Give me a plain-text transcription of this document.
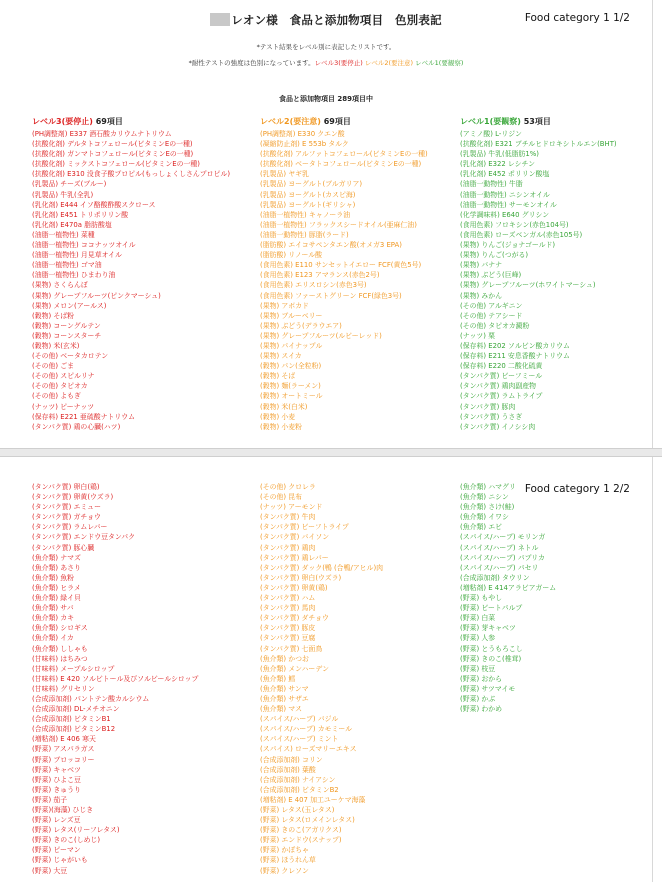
レオン様　食品と添加物項目　色別表記	Food category 1 1/2
*テスト結果をレベル別に表記したリストです。
*耐性テストの強度は色別になっています。レベル3(要停止) レベル2(要注意) レベル1(要観察)
食品と添加物項目 289項目中
レベル3(要停止) 69項目
(PH調整剤) E337 酒石酸カリウムナトリウム
(抗酸化剤) デルタトコフェロール(ビタミンEの一種)
(抗酸化剤) ガンマトコフェロール(ビタミンEの一種)
(抗酸化剤) ミックストコフェロール(ビタミンEの一種)
(抗酸化剤) E310 没食子酸プロピル(もっしょくしさんプロピル)
(乳製品) チーズ(ブルー)
(乳製品) 牛乳(全乳)
(乳化剤) E444 イソ酪酸酢酸スクロース
(乳化剤) E451 トリポリリン酸
(乳化剤) E470a 脂肪酸塩
(油脂一植物性) 菜種
(油脂一植物性) ココナッツオイル
(油脂一植物性) 月見草オイル
(油脂一植物性) ゴマ油
(油脂一植物性) ひまわり油
(果物) さくらんぼ
(果物) グレープフルーツ(ピンクマーシュ)
(果物) メロン(アールス)
(穀物) そば粉
(穀物) コーングルテン
(穀物) コーンスターチ
(穀物) 米(玄米)
(その他) ベータカロテン
(その他) ごま
(その他) スピルリナ
(その他) タピオカ
(その他) よもぎ
(ナッツ) ピーナッツ
(保存料) E221 亜硫酸ナトリウム
(タンパク質) 鶏の心臓(ハツ)
レベル2(要注意) 69項目
(PH調整剤) E330 クエン酸
(凝縮防止剤) E 553b タルク
(抗酸化剤) アルファトコフェロール(ビタミンEの一種)
(抗酸化剤) ベータトコフェロール(ビタミンEの一種)
(乳製品) ヤギ乳
(乳製品) ヨーグルト(ブルガリア)
(乳製品) ヨーグルト(カスピ海)
(乳製品) ヨーグルト(ギリシャ)
(油脂一植物性) キャノーラ油
(油脂一植物性) フラックスシードオイル(亜麻仁油)
(油脂一動物性) 豚脂(ラード)
(脂肪酸) エイコサペンタエン酸(オメガ3 EPA)
(脂肪酸) リノール酸
(食用色素) E110 サンセットイエロー FCF(黄色5号)
(食用色素) E123 アマランス(赤色2号)
(食用色素) エリスロシン(赤色3号)
(食用色素) ファーストグリーン FCF(緑色3号)
(果物) アボカド
(果物) ブルーベリー
(果物) ぶどう(デラウエア)
(果物) グレープフルーツ(ルビーレッド)
(果物) パイナップル
(果物) スイカ
(穀物) パン(全粒粉)
(穀物) そば
(穀物) 麺(ラーメン)
(穀物) オートミール
(穀物) 米(白米)
(穀物) 小麦
(穀物) 小麦粉
レベル1(要観察) 53項目
(アミノ酸) L-リジン
(抗酸化剤) E321 ブチルヒドロキシトルエン(BHT)
(乳製品) 牛乳(低脂肪1%)
(乳化剤) E322 レシチン
(乳化剤) E452 ポリリン酸塩
(油脂一動物性) 牛脂
(油脂一動物性) ニシンオイル
(油脂一動物性) サーモンオイル
(化学調味料) E640 グリシン
(食用色素) フロキシン(赤色104号)
(食用色素) ローズベンガル(赤色105号)
(果物) りんご(ジョナゴールド)
(果物) りんご(つがる)
(果物) バナナ
(果物) ぶどう(巨峰)
(果物) グレープフルーツ(ホワイトマーシュ)
(果物) みかん
(その他) アルギニン
(その他) テアシード
(その他) タピオカ澱粉
(ナッツ) 栗
(保存料) E202 ソルビン酸カリウム
(保存料) E211 安息香酸ナトリウム
(保存料) E220 二酸化硫黄
(タンパク質) ビーフミール
(タンパク質) 鶏肉副産物
(タンパク質) ラムトライプ
(タンパク質) 豚肉
(タンパク質) うさぎ
(タンパク質) イノシシ肉
Food category 1 2/2
(タンパク質) 卵白(鶏)
(タンパク質) 卵黄(ウズラ)
(タンパク質) エミュー
(タンパク質) ガチョウ
(タンパク質) ラムレバー
(タンパク質) エンドウ豆タンパク
(タンパク質) 豚心臓
(魚介類) ナマズ
(魚介類) あさり
(魚介類) 魚粉
(魚介類) ヒラメ
(魚介類) 緑イ貝
(魚介類) サバ
(魚介類) カキ
(魚介類) シロギス
(魚介類) イカ
(魚介類) ししゃも
(甘味料) はちみつ
(甘味料) メープルシロップ
(甘味料) E 420 ソルビトール及びソルビールシロップ
(甘味料) グリセリン
(合成添加剤) パントテン酸カルシウム
(合成添加剤) DL-メチオニン
(合成添加剤) ビタミンB1
(合成添加剤) ビタミンB12
(増粘剤) E 406 寒天
(野菜) アスパラガス
(野菜) ブロッコリー
(野菜) キャベツ
(野菜) ひよこ豆
(野菜) きゅうり
(野菜) 茄子
(野菜)(海藻) ひじき
(野菜) レンズ豆
(野菜) レタス(リーフレタス)
(野菜) きのこ(しめじ)
(野菜) ピーマン
(野菜) じゃがいも
(野菜) 大豆
(その他) クロレラ
(その他) 昆布
(ナッツ) アーモンド
(タンパク質) 牛肉
(タンパク質) ビーフトライプ
(タンパク質) バイソン
(タンパク質) 鶏肉
(タンパク質) 鶏レバー
(タンパク質) ダック(鴨 (合鴨/アヒル)肉
(タンパク質) 卵白(ウズラ)
(タンパク質) 卵黄(鶏)
(タンパク質) ハム
(タンパク質) 馬肉
(タンパク質) ダチョウ
(タンパク質) 豚皮
(タンパク質) 豆腐
(タンパク質) 七面鳥
(魚介類) かつお
(魚介類) メンハーデン
(魚介類) 鱈
(魚介類) サンマ
(魚介類) サザエ
(魚介類) マス
(スパイス/ハーブ) バジル
(スパイス/ハーブ) カモミール
(スパイス/ハーブ) ミント
(スパイス) ローズマリーエキス
(合成添加剤) コリン
(合成添加剤) 葉酸
(合成添加剤) ナイアシン
(合成添加剤) ビタミンB2
(増粘剤) E 407 加工ユーケマ海藻
(野菜) レタス(玉レタス)
(野菜) レタス(ロメインレタス)
(野菜) きのこ(アガリクス)
(野菜) エンドウ(スナップ)
(野菜) かぼちゃ
(野菜) ほうれん草
(野菜) クレソン
(魚介類) ハマグリ
(魚介類) ニシン
(魚介類) さけ(鮭)
(魚介類) イワシ
(魚介類) エビ
(スパイス/ハーブ) モリンガ
(スパイス/ハーブ) ネトル
(スパイス/ハーブ) パプリカ
(スパイス/ハーブ) パセリ
(合成添加剤) タウリン
(増粘剤) E 414アラビアガーム
(野菜) もやし
(野菜) ビートパルプ
(野菜) 白菜
(野菜) 芽キャベツ
(野菜) 人参
(野菜) とうもろこし
(野菜) きのこ(椎茸)
(野菜) 枝豆
(野菜) おから
(野菜) サツマイモ
(野菜) かぶ
(野菜) わかめ
